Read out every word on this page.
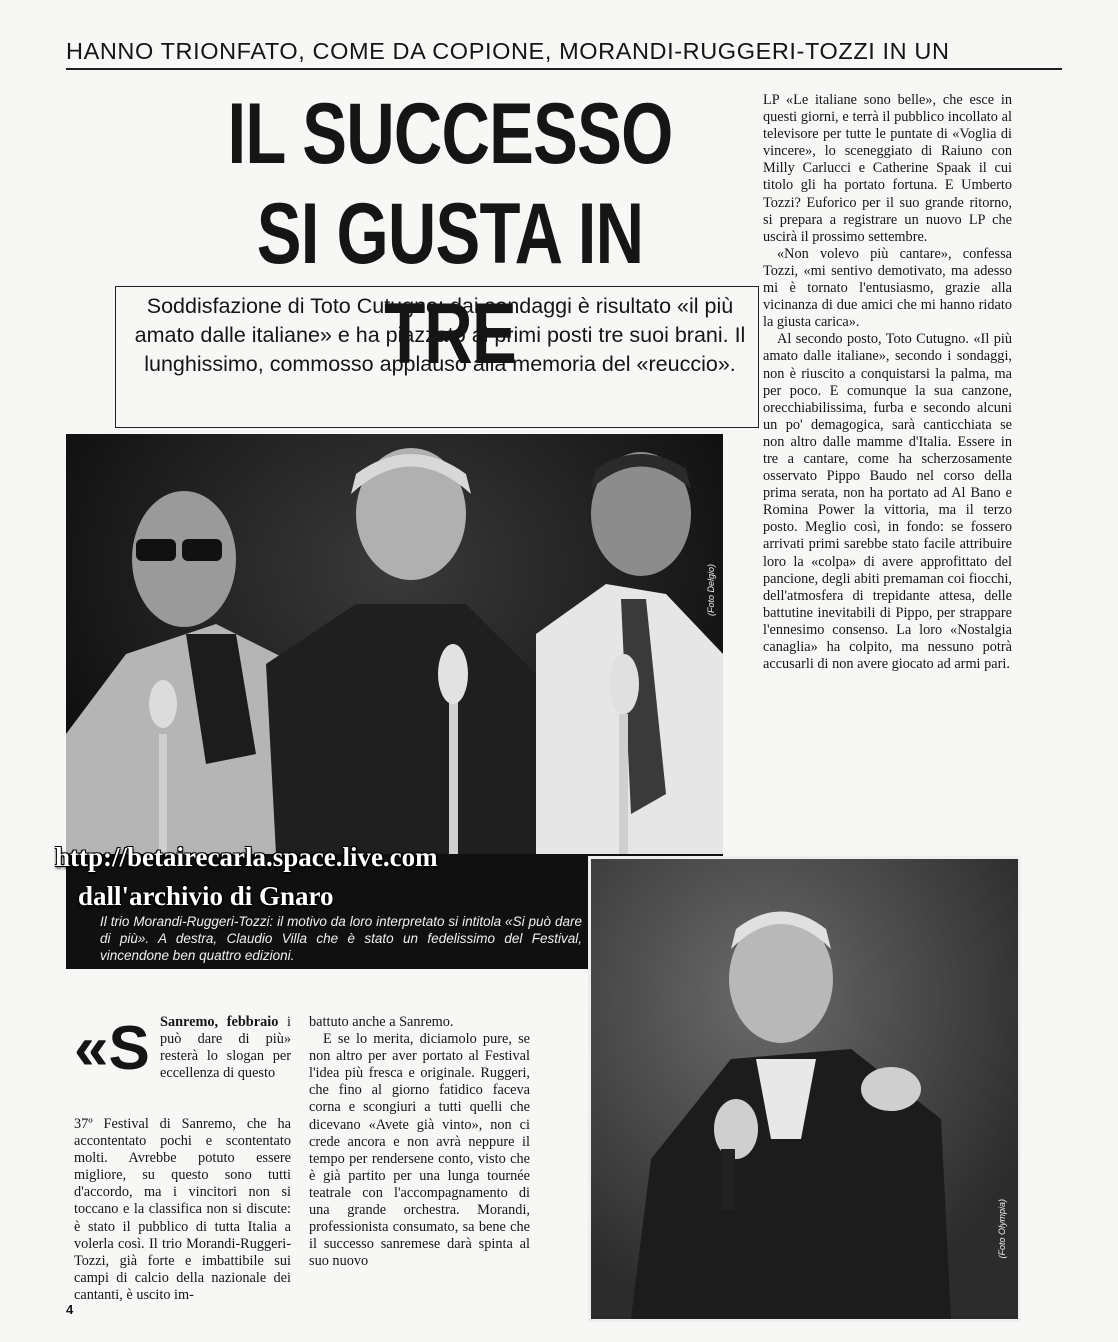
HANNO TRIONFATO, COME DA COPIONE, MORANDI-RUGGERI-TOZZI IN UN
IL SUCCESSO
SI GUSTA IN TRE
Soddisfazione di Toto Cutugno: dai sondaggi è risultato «il più amato dalle italiane» e ha piazzato ai primi posti tre suoi brani. Il lunghissimo, commosso applauso alla memoria del «reuccio».

LP «Le italiane sono belle», che esce in questi giorni, e terrà il pubblico incollato al televisore per tutte le puntate di «Voglia di vincere», lo sceneggiato di Raiuno con Milly Carlucci e Catherine Spaak il cui titolo gli ha portato fortuna. E Umberto Tozzi? Euforico per il suo grande ritorno, si prepara a registrare un nuovo LP che uscirà il prossimo settembre.

«Non volevo più cantare», confessa Tozzi, «mi sentivo demotivato, ma adesso mi è tornato l'entusiasmo, grazie alla vicinanza di due amici che mi hanno ridato la giusta carica».

Al secondo posto, Toto Cutugno. «Il più amato dalle italiane», secondo i sondaggi, non è riuscito a conquistarsi la palma, ma per poco. E comunque la sua canzone, orecchiabilissima, furba e secondo alcuni un po' demagogica, sarà canticchiata se non altro dalle mamme d'Italia. Essere in tre a cantare, come ha scherzosamente osservato Pippo Baudo nel corso della prima serata, non ha portato ad Al Bano e Romina Power la vittoria, ma il terzo posto. Meglio così, in fondo: se fossero arrivati primi sarebbe stato facile attribuire loro la «colpa» di avere approfittato del pancione, degli abiti premaman coi fiocchi, dell'atmosfera di trepidante attesa, delle battutine inevitabili di Pippo, per strappare l'ennesimo consenso. La loro «Nostalgia canaglia» ha colpito, ma nessuno potrà accusarli di non avere giocato ad armi pari.

(Foto Delgio)
Il trio Morandi-Ruggeri-Tozzi: il motivo da loro interpretato si intitola «Si può dare di più». A destra, Claudio Villa che è stato un fedelissimo del Festival, vincendone ben quattro edizioni.
http://betairecarla.space.live.com
dall'archivio di Gnaro
(Foto Olympia)
«S Sanremo, febbraio i può dare di più» resterà lo slogan per eccellenza di questo

37º Festival di Sanremo, che ha accontentato pochi e scontentato molti. Avrebbe potuto essere migliore, su questo sono tutti d'accordo, ma i vincitori non si toccano e la classifica non si discute: è stato il pubblico di tutta Italia a volerla così. Il trio Morandi-Ruggeri-Tozzi, già forte e imbattibile sui campi di calcio della nazionale dei cantanti, è uscito im-

battuto anche a Sanremo.

E se lo merita, diciamolo pure, se non altro per aver portato al Festival l'idea più fresca e originale. Ruggeri, che fino al giorno fatidico faceva corna e scongiuri a tutti quelli che dicevano «Avete già vinto», non ci crede ancora e non avrà neppure il tempo per rendersene conto, visto che è già partito per una lunga tournée teatrale con l'accompagnamento di una grande orchestra. Morandi, professionista consumato, sa bene che il successo sanremese darà spinta al suo nuovo

4
